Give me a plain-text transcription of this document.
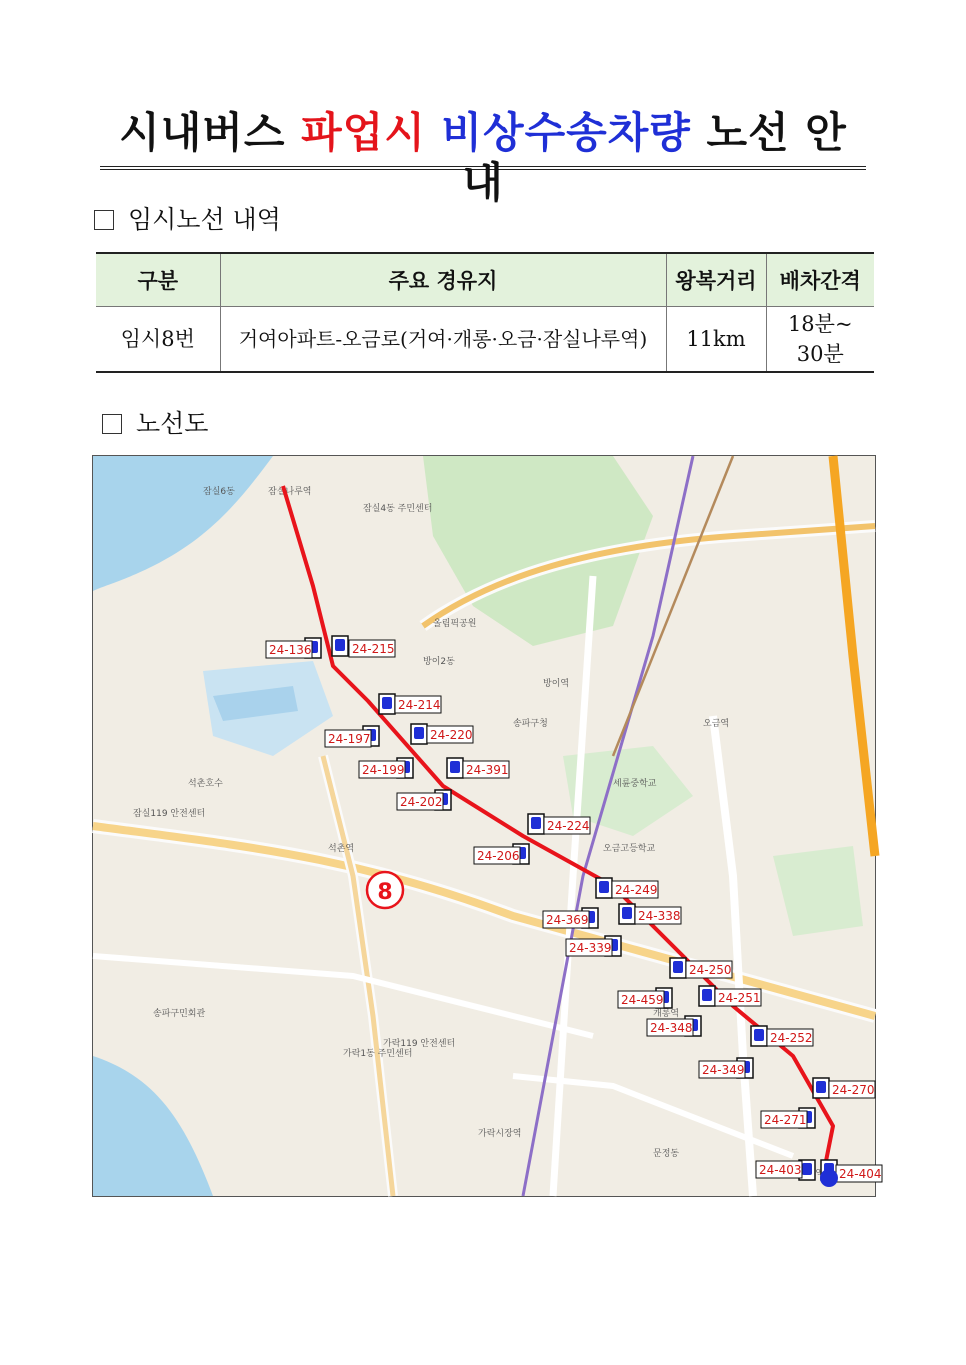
시내버스 파업시 비상수송차량 노선 안내
임시노선 내역
구분	주요 경유지	왕복거리	배차간격
임시8번	거여아파트-오금로(거여·개롱·오금·잠실나루역)	11km	18분~
30분
노선도
8
잠실나루역
잠실6동
잠실4동 주민센터
올림픽공원
방이2동
석촌호수
잠실119 안전센터
석촌역
송파구청
가락시장역
가락1동 주민센터
문정동
오금역
개롱역
송파구민회관
방이역
오금고등학교
세륜중학교
가락119 안전센터
24-136	24-215
24-214
24-197	24-220
24-199	24-391
24-202
24-224
24-206
24-249
24-369	24-338
24-339
24-250
24-459	24-251
24-348
24-252
24-349
24-270
24-271
24-403	24-404
